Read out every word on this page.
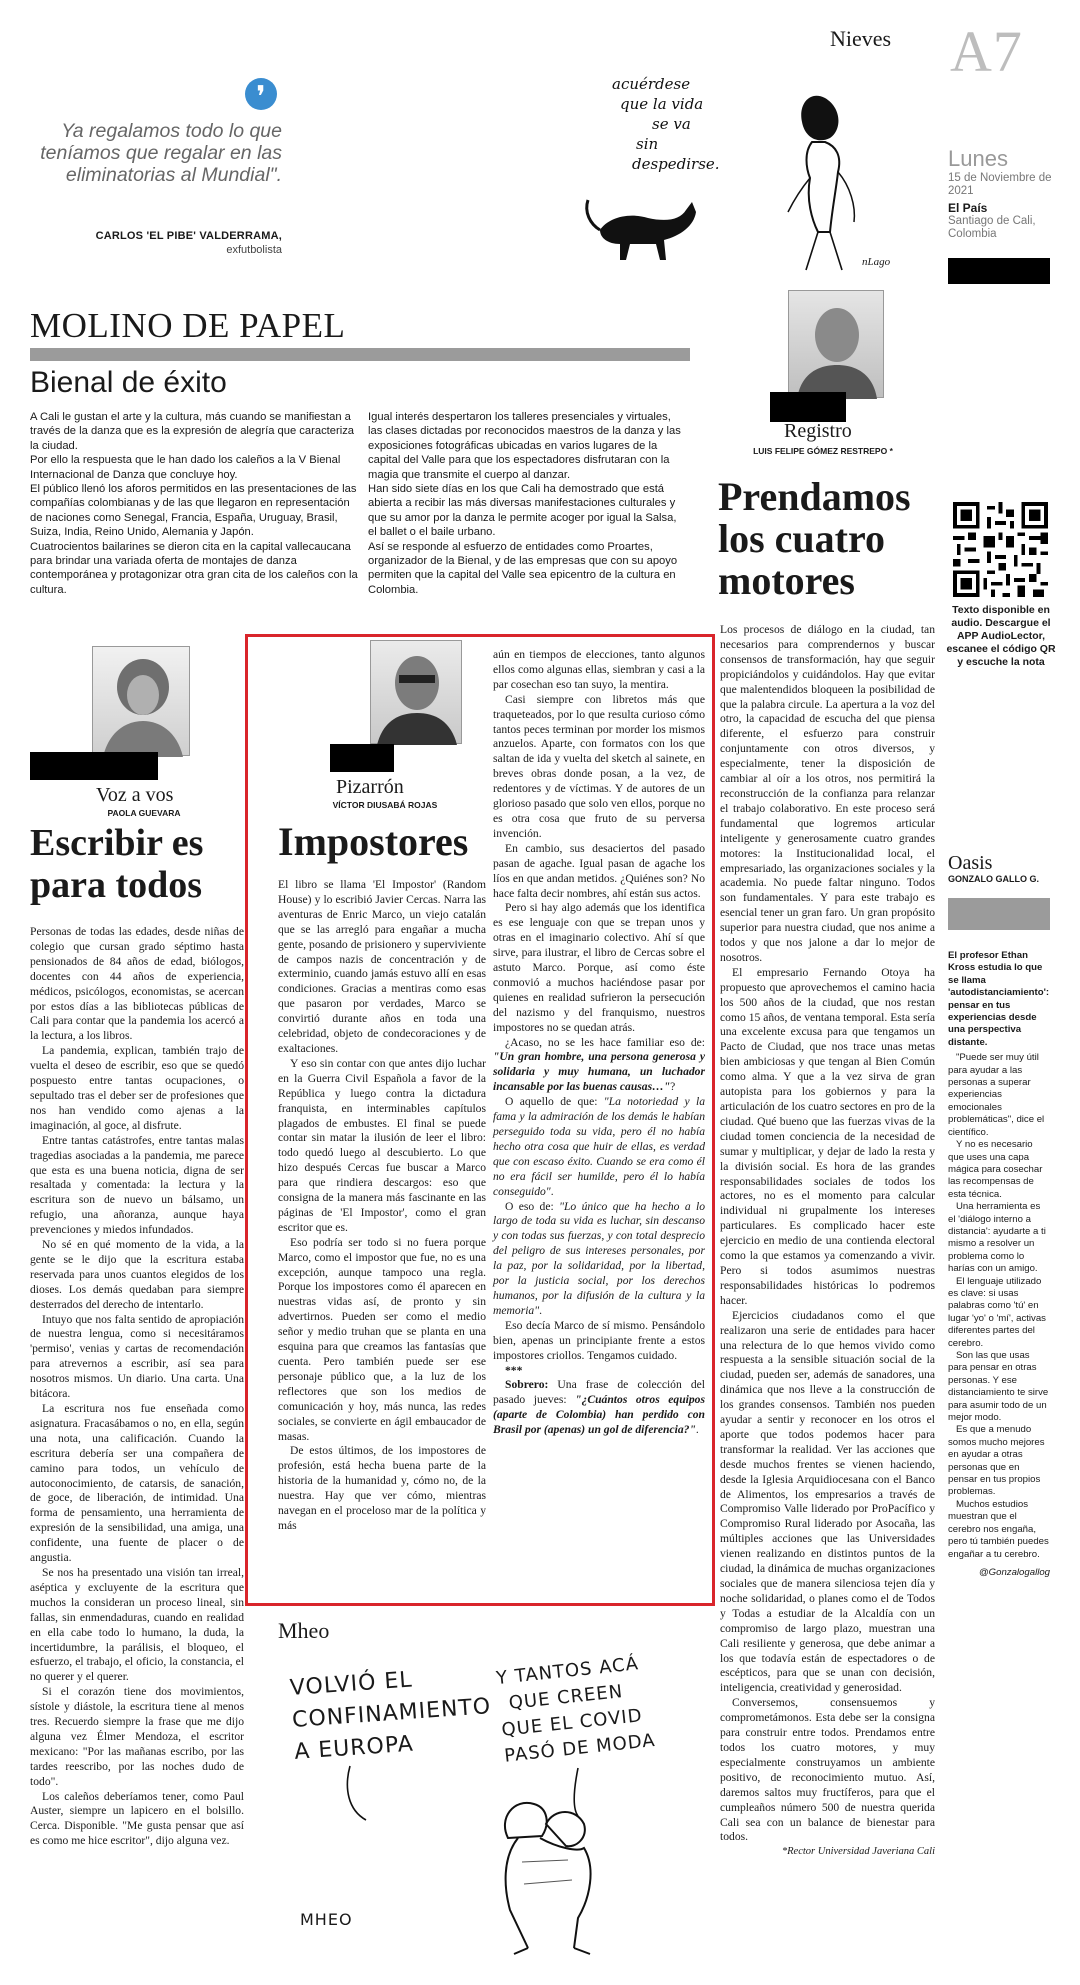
❜
Ya regalamos todo lo que teníamos que regalar en las eliminatorias al Mundial".
CARLOS 'EL PIBE' VALDERRAMA,
exfutbolista
Nieves
acuérdese
que la vida
se va
sin
despedirse.
nLago
A7
Lunes
15 de Noviembre de 2021
El País
Santiago de Cali, Colombia
MOLINO DE PAPEL
Bienal de éxito

A Cali le gustan el arte y la cultura, más cuando se manifiestan a través de la danza que es la expresión de alegría que caracteriza la ciudad.

Por ello la respuesta que le han dado los caleños a la V Bienal Internacional de Danza que concluye hoy.

El público llenó los aforos permitidos en las presentaciones de las compañías colombianas y de las que llegaron en representación de naciones como Senegal, Francia, España, Uruguay, Brasil, Suiza, India, Reino Unido, Alemania y Japón.

Cuatrocientos bailarines se dieron cita en la capital vallecaucana para brindar una variada oferta de montajes de danza contemporánea y protagonizar otra gran cita de los caleños con la cultura.

Igual interés despertaron los talleres presenciales y virtuales, las clases dictadas por reconocidos maestros de la danza y las exposiciones fotográficas ubicadas en varios lugares de la capital del Valle para que los espectadores disfrutaran con la magia que transmite el cuerpo al danzar.

Han sido siete días en los que Cali ha demostrado que está abierta a recibir las más diversas manifestaciones culturales y que su amor por la danza le permite acoger por igual la Salsa, el ballet o el baile urbano.

Así se responde al esfuerzo de entidades como Proartes, organizador de la Bienal, y de las empresas que con su apoyo permiten que la capital del Valle sea epicentro de la cultura en Colombia.

Registro
LUIS FELIPE GÓMEZ RESTREPO *
Prendamos los cuatro motores

Los procesos de diálogo en la ciudad, tan necesarios para comprendernos y buscar consensos de transformación, hay que seguir propiciándolos y cuidándolos. Hay que evitar que malentendidos bloqueen la posibilidad de que la palabra circule. La apertura a la voz del otro, la capacidad de escucha del que piensa diferente, el esfuerzo para construir conjuntamente con otros diversos, y especialmente, tener la disposición de cambiar al oír a los otros, nos permitirá la reconstrucción de la confianza para relanzar el trabajo colaborativo. En este proceso será fundamental que logremos articular inteligente y generosamente cuatro grandes motores: la Institucionalidad local, el empresariado, las organizaciones sociales y la academia. No puede faltar ninguno. Todos son fundamentales. Y para este trabajo es esencial tener un gran faro. Un gran propósito superior para nuestra ciudad, que nos anime a todos y que nos jalone a dar lo mejor de nosotros.

El empresario Fernando Otoya ha propuesto que aprovechemos el camino hacia los 500 años de la ciudad, que nos restan como 15 años, de ventana temporal. Esta sería una excelente excusa para que tengamos un Pacto de Ciudad, que nos trace unas metas bien ambiciosas y que tengan al Bien Común como alma. Y que a la vez sirva de gran autopista para los gobiernos y para la articulación de los cuatro sectores en pro de la ciudad. Qué bueno que las fuerzas vivas de la ciudad tomen conciencia de la necesidad de sumar y multiplicar, y dejar de lado la resta y la división social. Es hora de las grandes responsabilidades sociales de todos los actores, no es el momento para calcular individual ni grupalmente los intereses particulares. Es complicado hacer este ejercicio en medio de una contienda electoral como la que estamos ya comenzando a vivir. Pero si todos asumimos nuestras responsabilidades históricas lo podremos hacer.

Ejercicios ciudadanos como el que realizaron una serie de entidades para hacer una relectura de lo que hemos vivido como respuesta a la sensible situación social de la ciudad, pueden ser, además de sanadores, una dinámica que nos lleve a la construcción de los grandes consensos. También nos pueden ayudar a sentir y reconocer en los otros el aporte que todos podemos hacer para transformar la realidad. Ver las acciones que desde muchos frentes se vienen haciendo, desde la Iglesia Arquidiocesana con el Banco de Alimentos, los empresarios a través de Compromiso Valle liderado por ProPacífico y Compromiso Rural liderado por Asocaña, las múltiples acciones que las Universidades vienen realizando en distintos puntos de la ciudad, la dinámica de muchas organizaciones sociales que de manera silenciosa tejen día y noche solidaridad, o planes como el de Todos y Todas a estudiar de la Alcaldía con un compromiso de largo plazo, muestran una Cali resiliente y generosa, que debe animar a los que todavía están de espectadores o de escépticos, para que se unan con decisión, inteligencia, creatividad y generosidad.

Conversemos, consensuemos y comprometámonos. Esta debe ser la consigna para construir entre todos. Prendamos entre todos los cuatro motores, y muy especialmente construyamos un ambiente positivo, de reconocimiento mutuo. Así, daremos saltos muy fructíferos, para que el cumpleaños número 500 de nuestra querida Cali sea con un balance de bienestar para todos.

*Rector Universidad Javeriana Cali

Texto disponible en audio. Descargue el APP AudioLector, escanee el código QR y escuche la nota
Oasis
GONZALO GALLO G.

El profesor Ethan Kross estudia lo que se llama 'autodistanciamiento': pensar en tus experiencias desde una perspectiva distante.

"Puede ser muy útil para ayudar a las personas a superar experiencias emocionales problemáticas", dice el científico.

Y no es necesario que uses una capa mágica para cosechar las recompensas de esta técnica.

Una herramienta es el 'diálogo interno a distancia': ayudarte a ti mismo a resolver un problema como lo harías con un amigo.

El lenguaje utilizado es clave: si usas palabras como 'tú' en lugar 'yo' o 'mí', activas diferentes partes del cerebro.

Son las que usas para pensar en otras personas. Y ese distanciamiento te sirve para asumir todo de un mejor modo.

Es que a menudo somos mucho mejores en ayudar a otras personas que en pensar en tus propios problemas.

Muchos estudios muestran que el cerebro nos engaña, pero tú también puedes engañar a tu cerebro.

@Gonzalogallog

Voz a vos
PAOLA GUEVARA
Escribir es para todos

Personas de todas las edades, desde niñas de colegio que cursan grado séptimo hasta pensionados de 84 años de edad, biólogos, docentes con 44 años de experiencia, médicos, psicólogos, economistas, se acercan por estos días a las bibliotecas públicas de Cali para contar que la pandemia los acercó a la lectura, a los libros.

La pandemia, explican, también trajo de vuelta el deseo de escribir, eso que se quedó pospuesto entre tantas ocupaciones, o sepultado tras el deber ser de profesiones que nos han vendido como ajenas a la imaginación, al goce, al disfrute.

Entre tantas catástrofes, entre tantas malas tragedias asociadas a la pandemia, me parece que esta es una buena noticia, digna de ser resaltada y comentada: la lectura y la escritura son de nuevo un bálsamo, un refugio, una añoranza, aunque haya prevenciones y miedos infundados.

No sé en qué momento de la vida, a la gente se le dijo que la escritura estaba reservada para unos cuantos elegidos de los dioses. Los demás quedaban para siempre desterrados del derecho de intentarlo.

Intuyo que nos falta sentido de apropiación de nuestra lengua, como si necesitáramos 'permiso', venias y cartas de recomendación para atrevernos a escribir, así sea para nosotros mismos. Un diario. Una carta. Una bitácora.

La escritura nos fue enseñada como asignatura. Fracasábamos o no, en ella, según una nota, una calificación. Cuando la escritura debería ser una compañera de camino para todos, un vehículo de autoconocimiento, de catarsis, de sanación, de goce, de liberación, de intimidad. Una forma de pensamiento, una herramienta de expresión de la sensibilidad, una amiga, una confidente, una fuente de placer o de angustia.

Se nos ha presentado una visión tan irreal, aséptica y excluyente de la escritura que muchos la consideran un proceso lineal, sin fallas, sin enmendaduras, cuando en realidad en ella cabe todo lo humano, la duda, la incertidumbre, la parálisis, el bloqueo, el esfuerzo, el trabajo, el oficio, la constancia, el no querer y el querer.

Si el corazón tiene dos movimientos, sístole y diástole, la escritura tiene al menos tres. Recuerdo siempre la frase que me dijo alguna vez Élmer Mendoza, el escritor mexicano: "Por las mañanas escribo, por las tardes reescribo, por las noches dudo de todo".

Los caleños deberíamos tener, como Paul Auster, siempre un lapicero en el bolsillo. Cerca. Disponible. "Me gusta pensar que así es como me hice escritor", dijo alguna vez.

Pizarrón
VÍCTOR DIUSABÁ ROJAS
Impostores

El libro se llama 'El Impostor' (Random House) y lo escribió Javier Cercas. Narra las aventuras de Enric Marco, un viejo catalán que se las arregló para engañar a mucha gente, posando de prisionero y superviviente de campos nazis de concentración y de exterminio, cuando jamás estuvo allí en esas condiciones. Gracias a mentiras como esas que pasaron por verdades, Marco se convirtió durante años en toda una celebridad, objeto de condecoraciones y de exaltaciones.

Y eso sin contar con que antes dijo luchar en la Guerra Civil Española a favor de la República y luego contra la dictadura franquista, en interminables capítulos plagados de embustes. El final se puede contar sin matar la ilusión de leer el libro: todo quedó luego al descubierto. Lo que hizo después Cercas fue buscar a Marco para que rindiera descargos: eso que consigna de la manera más fascinante en las páginas de 'El Impostor', como el gran escritor que es.

Eso podría ser todo si no fuera porque Marco, como el impostor que fue, no es una excepción, aunque tampoco una regla. Porque los impostores como él aparecen en nuestras vidas así, de pronto y sin advertirnos. Pueden ser como el medio señor y medio truhan que se planta en una esquina para que creamos las fantasías que cuenta. Pero también puede ser ese personaje público que, a la luz de los reflectores que son los medios de comunicación y hoy, más nunca, las redes sociales, se convierte en ágil embaucador de masas.

De estos últimos, de los impostores de profesión, está hecha buena parte de la historia de la humanidad y, cómo no, de la nuestra. Hay que ver cómo, mientras navegan en el proceloso mar de la política y más

aún en tiempos de elecciones, tanto algunos ellos como algunas ellas, siembran y casi a la par cosechan eso tan suyo, la mentira.

Casi siempre con libretos más que traqueteados, por lo que resulta curioso cómo tantos peces terminan por morder los mismos anzuelos. Aparte, con formatos con los que saltan de ida y vuelta del sketch al sainete, en breves obras donde posan, a la vez, de redentores y de víctimas. Y de autores de un glorioso pasado que solo ven ellos, porque no es otra cosa que fruto de su perversa invención.

En cambio, sus desaciertos del pasado pasan de agache. Igual pasan de agache los líos en que andan metidos. ¿Quiénes son? No hace falta decir nombres, ahí están sus actos.

Pero si hay algo además que los identifica es ese lenguaje con que se trepan unos y otras en el imaginario colectivo. Ahí sí que sirve, para ilustrar, el libro de Cercas sobre el astuto Marco. Porque, así como éste conmovió a muchos haciéndose pasar por quienes en realidad sufrieron la persecución del nazismo y del franquismo, nuestros impostores no se quedan atrás.

¿Acaso, no se les hace familiar eso de: "Un gran hombre, una persona generosa y solidaria y muy humana, un luchador incansable por las buenas causas…"?

O aquello de que: "La notoriedad y la fama y la admiración de los demás le habían perseguido toda su vida, pero él no había hecho otra cosa que huir de ellas, es verdad que con escaso éxito. Cuando se era como él no era fácil ser humilde, pero él lo había conseguido".

O eso de: "Lo único que ha hecho a lo largo de toda su vida es luchar, sin descanso y con todas sus fuerzas, y con total desprecio del peligro de sus intereses personales, por la paz, por la solidaridad, por la libertad, por la justicia social, por los derechos humanos, por la difusión de la cultura y la memoria".

Eso decía Marco de sí mismo. Pensándolo bien, apenas un principiante frente a estos impostores criollos. Tengamos cuidado.

***

Sobrero: Una frase de colección del pasado jueves: "¿Cuántos otros equipos (aparte de Colombia) han perdido con Brasil por (apenas) un gol de diferencia?".

Mheo
VOLVIÓ EL
CONFINAMIENTO
A EUROPA
Y TANTOS ACÁ
QUE CREEN
QUE EL COVID
PASÓ DE MODA
MHEO
